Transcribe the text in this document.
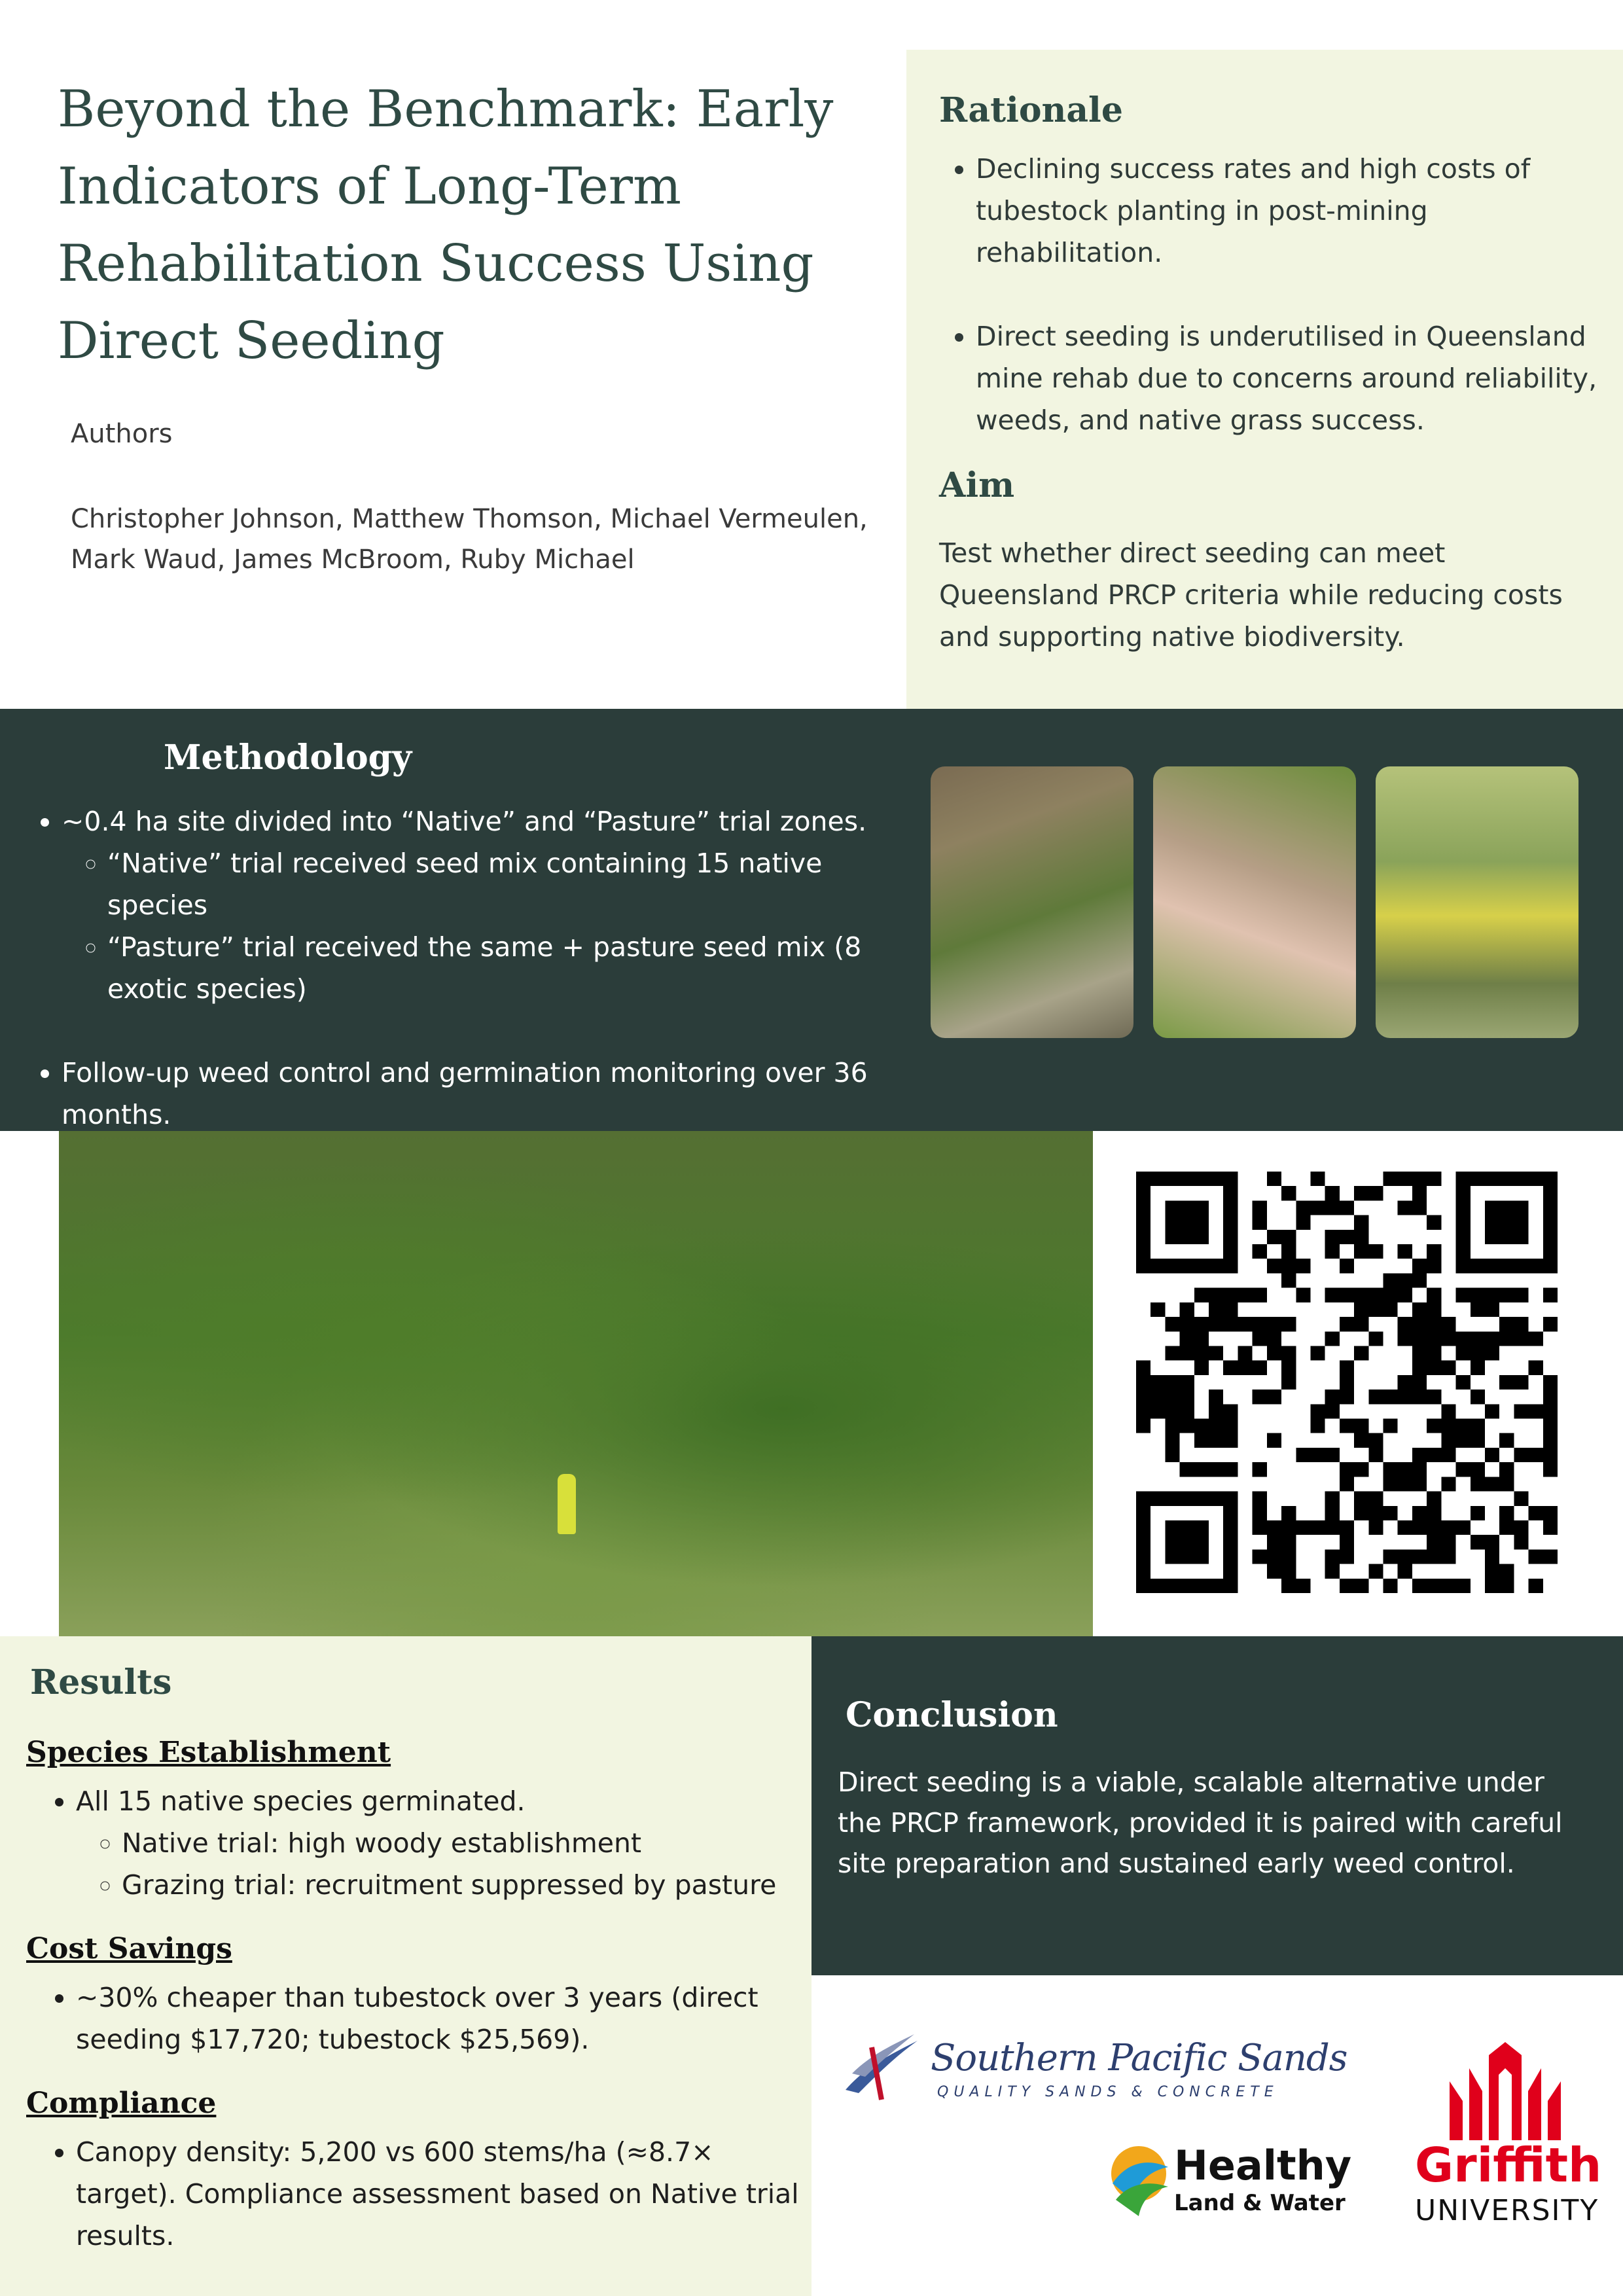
Beyond the Benchmark: Early Indicators of Long-Term Rehabilitation Success Using Direct Seeding
Authors
Christopher Johnson, Matthew Thomson, Michael Vermeulen, Mark Waud, James McBroom, Ruby Michael
Rationale
• Declining success rates and high costs of tubestock planting in post-mining rehabilitation.
• Direct seeding is underutilised in Queensland mine rehab due to concerns around reliability, weeds, and native grass success.
Aim
Test whether direct seeding can meet Queensland PRCP criteria while reducing costs and supporting native biodiversity.
Methodology
• ~0.4 ha site divided into “Native” and “Pasture” trial zones.
◦ “Native” trial received seed mix containing 15 native species
◦ “Pasture” trial received the same + pasture seed mix (8 exotic species)
• Follow-up weed control and germination monitoring over 36 months.
Results
Species Establishment
• All 15 native species germinated.
◦ Native trial: high woody establishment
◦ Grazing trial: recruitment suppressed by pasture
Cost Savings
• ~30% cheaper than tubestock over 3 years (direct seeding $17,720; tubestock $25,569).
Compliance
• Canopy density: 5,200 vs 600 stems/ha (≈8.7× target). Compliance assessment based on Native trial results.
Conclusion
Direct seeding is a viable, scalable alternative under the PRCP framework, provided it is paired with careful site preparation and sustained early weed control.
Southern Pacific Sands
QUALITY SANDS & CONCRETE
Healthy
Land & Water
Griffith
UNIVERSITY
